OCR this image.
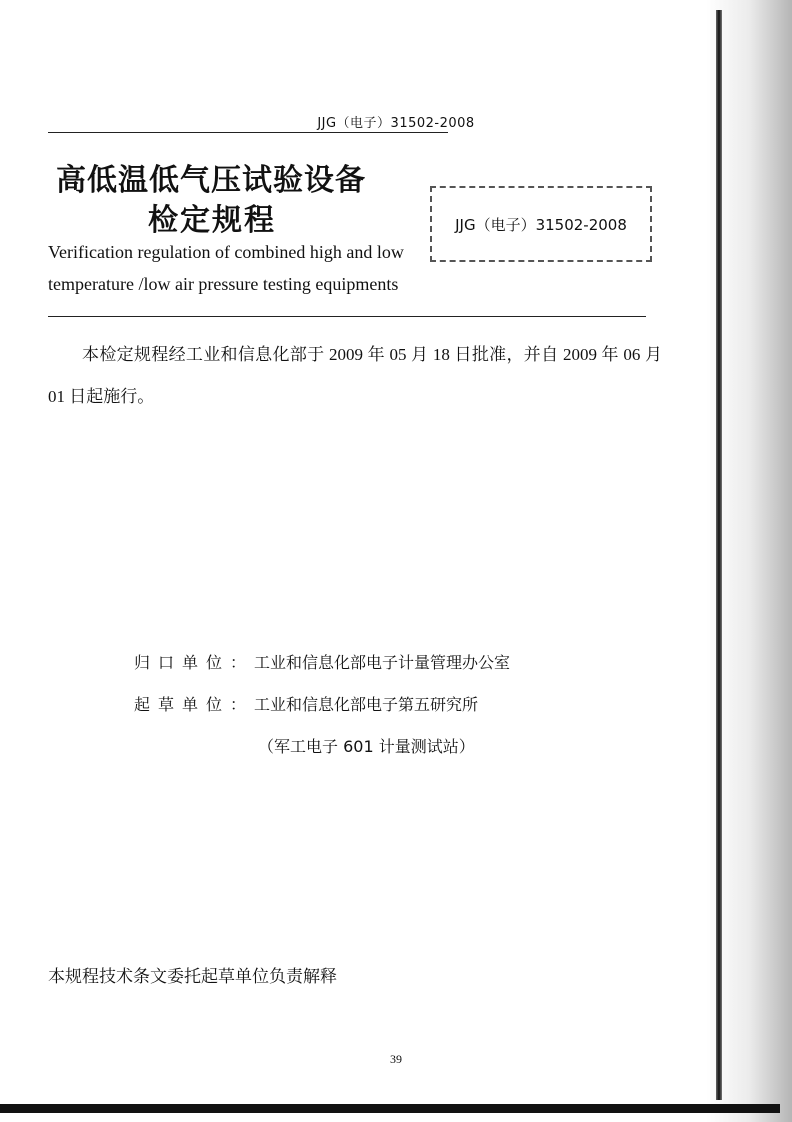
JJG（电子）31502-2008
高低温低气压试验设备
检定规程	JJG（电子）31502-2008
Verification regulation of combined high and low
temperature /low air pressure testing equipments
本检定规程经工业和信息化部于 2009 年 05 月 18 日批准，并自 2009 年 06 月 01 日起施行。
归口单位：工业和信息化部电子计量管理办公室
起草单位：工业和信息化部电子第五研究所
（军工电子 601 计量测试站）
本规程技术条文委托起草单位负责解释
39
